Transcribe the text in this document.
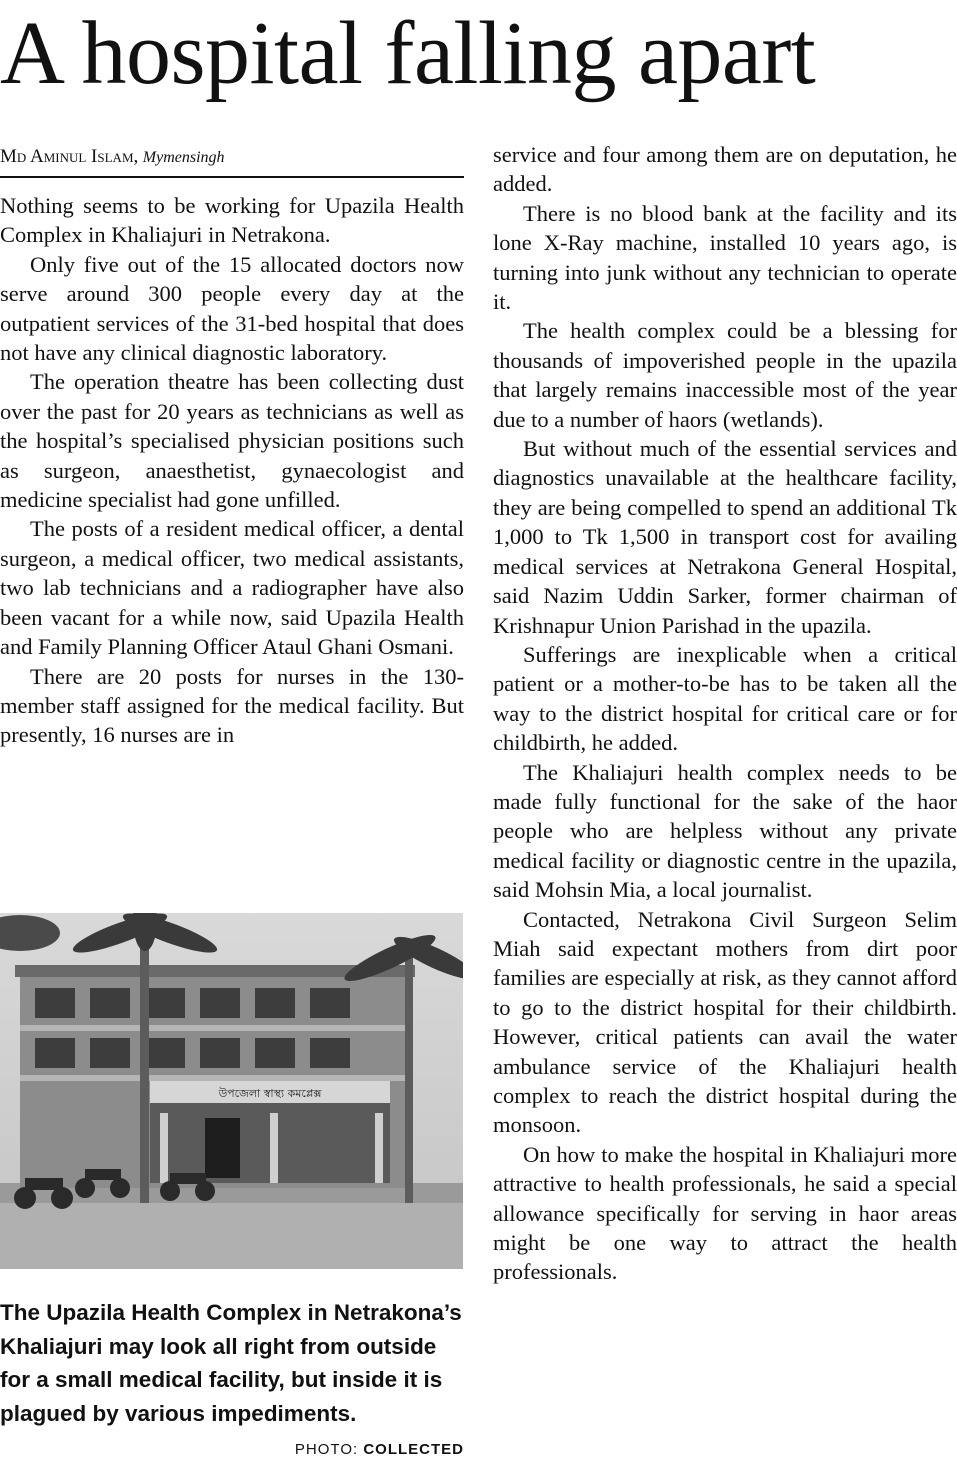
A hospital falling apart
Md Aminul Islam, Mymensingh

Nothing seems to be working for Upazila Health Complex in Khaliajuri in Netrakona.

Only five out of the 15 allocated doctors now serve around 300 people every day at the outpatient services of the 31-bed hospital that does not have any clinical diagnostic laboratory.

The operation theatre has been collecting dust over the past for 20 years as technicians as well as the hospital’s specialised physician positions such as surgeon, anaesthetist, gynaecologist and medicine specialist had gone unfilled.

The posts of a resident medical officer, a dental surgeon, a medical officer, two medical assistants, two lab technicians and a radiographer have also been vacant for a while now, said Upazila Health and Family Planning Officer Ataul Ghani Osmani.

There are 20 posts for nurses in the 130-member staff assigned for the medical facility. But presently, 16 nurses are in

উপজেলা স্বাস্থ্য কমপ্লেক্স
The Upazila Health Complex in Netrakona’s Khaliajuri may look all right from outside for a small medical facility, but inside it is plagued by various impediments.
PHOTO: COLLECTED

service and four among them are on deputation, he added.

There is no blood bank at the facility and its lone X-Ray machine, installed 10 years ago, is turning into junk without any technician to operate it.

The health complex could be a blessing for thousands of impoverished people in the upazila that largely remains inaccessible most of the year due to a number of haors (wetlands).

But without much of the essential services and diagnostics unavailable at the healthcare facility, they are being compelled to spend an additional Tk 1,000 to Tk 1,500 in transport cost for availing medical services at Netrakona General Hospital, said Nazim Uddin Sarker, former chairman of Krishnapur Union Parishad in the upazila.

Sufferings are inexplicable when a critical patient or a mother-to-be has to be taken all the way to the district hospital for critical care or for childbirth, he added.

The Khaliajuri health complex needs to be made fully functional for the sake of the haor people who are helpless without any private medical facility or diagnostic centre in the upazila, said Mohsin Mia, a local journalist.

Contacted, Netrakona Civil Surgeon Selim Miah said expectant mothers from dirt poor families are especially at risk, as they cannot afford to go to the district hospital for their childbirth. However, critical patients can avail the water ambulance service of the Khaliajuri health complex to reach the district hospital during the monsoon.

On how to make the hospital in Khaliajuri more attractive to health professionals, he said a special allowance specifically for serving in haor areas might be one way to attract the health professionals.
